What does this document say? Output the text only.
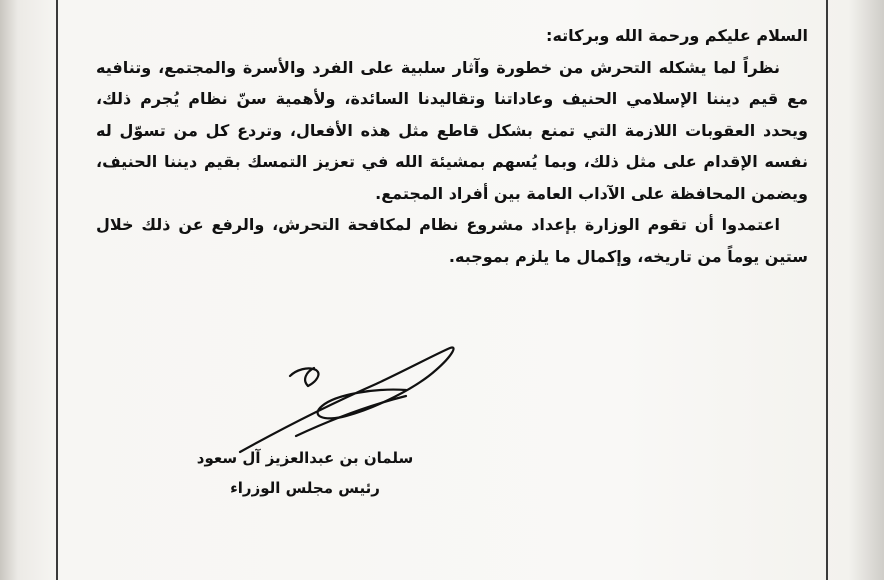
السلام عليكم ورحمة الله وبركاته:

نظراً لما يشكله التحرش من خطورة وآثار سلبية على الفرد والأسرة والمجتمع، وتنافيه مع قيم ديننا الإسلامي الحنيف وعاداتنا وتقاليدنا السائدة، ولأهمية سنّ نظام يُجرم ذلك، ويحدد العقوبات اللازمة التي تمنع بشكل قاطع مثل هذه الأفعال، وتردع كل من تسوّل له نفسه الإقدام على مثل ذلك، وبما يُسهم بمشيئة الله في تعزيز التمسك بقيم ديننا الحنيف، ويضمن المحافظة على الآداب العامة بين أفراد المجتمع.

اعتمدوا أن تقوم الوزارة بإعداد مشروع نظام لمكافحة التحرش، والرفع عن ذلك خلال ستين يوماً من تاريخه، وإكمال ما يلزم بموجبه.

سلمان بن عبدالعزيز آل سعود
رئيس مجلس الوزراء
